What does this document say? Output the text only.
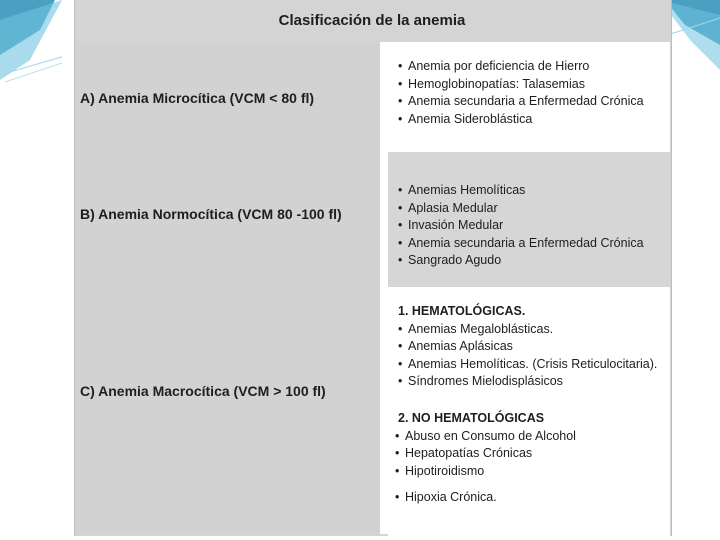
Clasificación de la anemia
A) Anemia Microcítica (VCM < 80 fl)
B) Anemia Normocítica (VCM 80 -100 fl)
C) Anemia Macrocítica (VCM > 100 fl)
• Anemia por deficiencia de Hierro
• Hemoglobinopatías: Talasemias
• Anemia secundaria a Enfermedad Crónica
• Anemia Sideroblástica
• Anemias Hemolíticas
• Aplasia Medular
• Invasión Medular
• Anemia secundaria a Enfermedad Crónica
• Sangrado Agudo
1. HEMATOLÓGICAS.
• Anemias Megaloblásticas.
• Anemias Aplásicas
• Anemias Hemolíticas. (Crisis Reticulocitaria).
• Síndromes Mielodisplásicos
2. NO HEMATOLÓGICAS
• Abuso en Consumo de Alcohol
• Hepatopatías Crónicas
• Hipotiroidismo
• Hipoxia Crónica.
